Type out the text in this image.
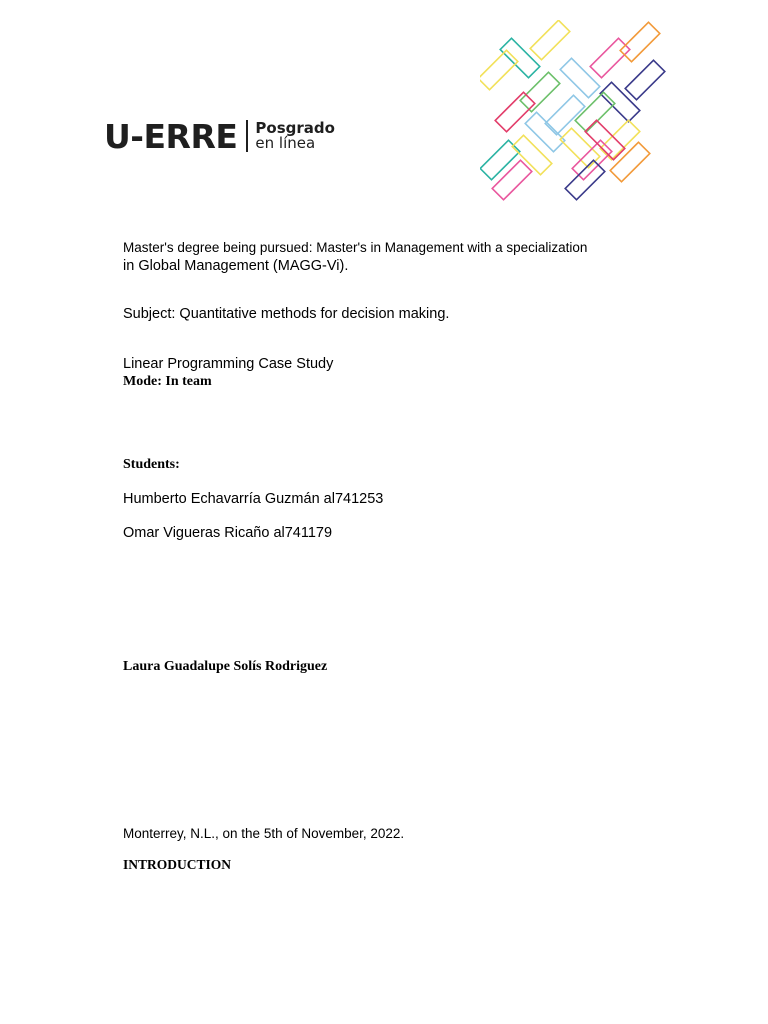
U-ERRE Posgrado
en línea
Master's degree being pursued: Master's in Management with a specialization
in Global Management (MAGG-Vi).
Subject: Quantitative methods for decision making.
Linear Programming Case Study
Mode: In team
Students:
Humberto Echavarría Guzmán al741253
Omar Vigueras Ricaño al741179
Laura Guadalupe Solís Rodriguez
Monterrey, N.L., on the 5th of November, 2022.
INTRODUCTION
